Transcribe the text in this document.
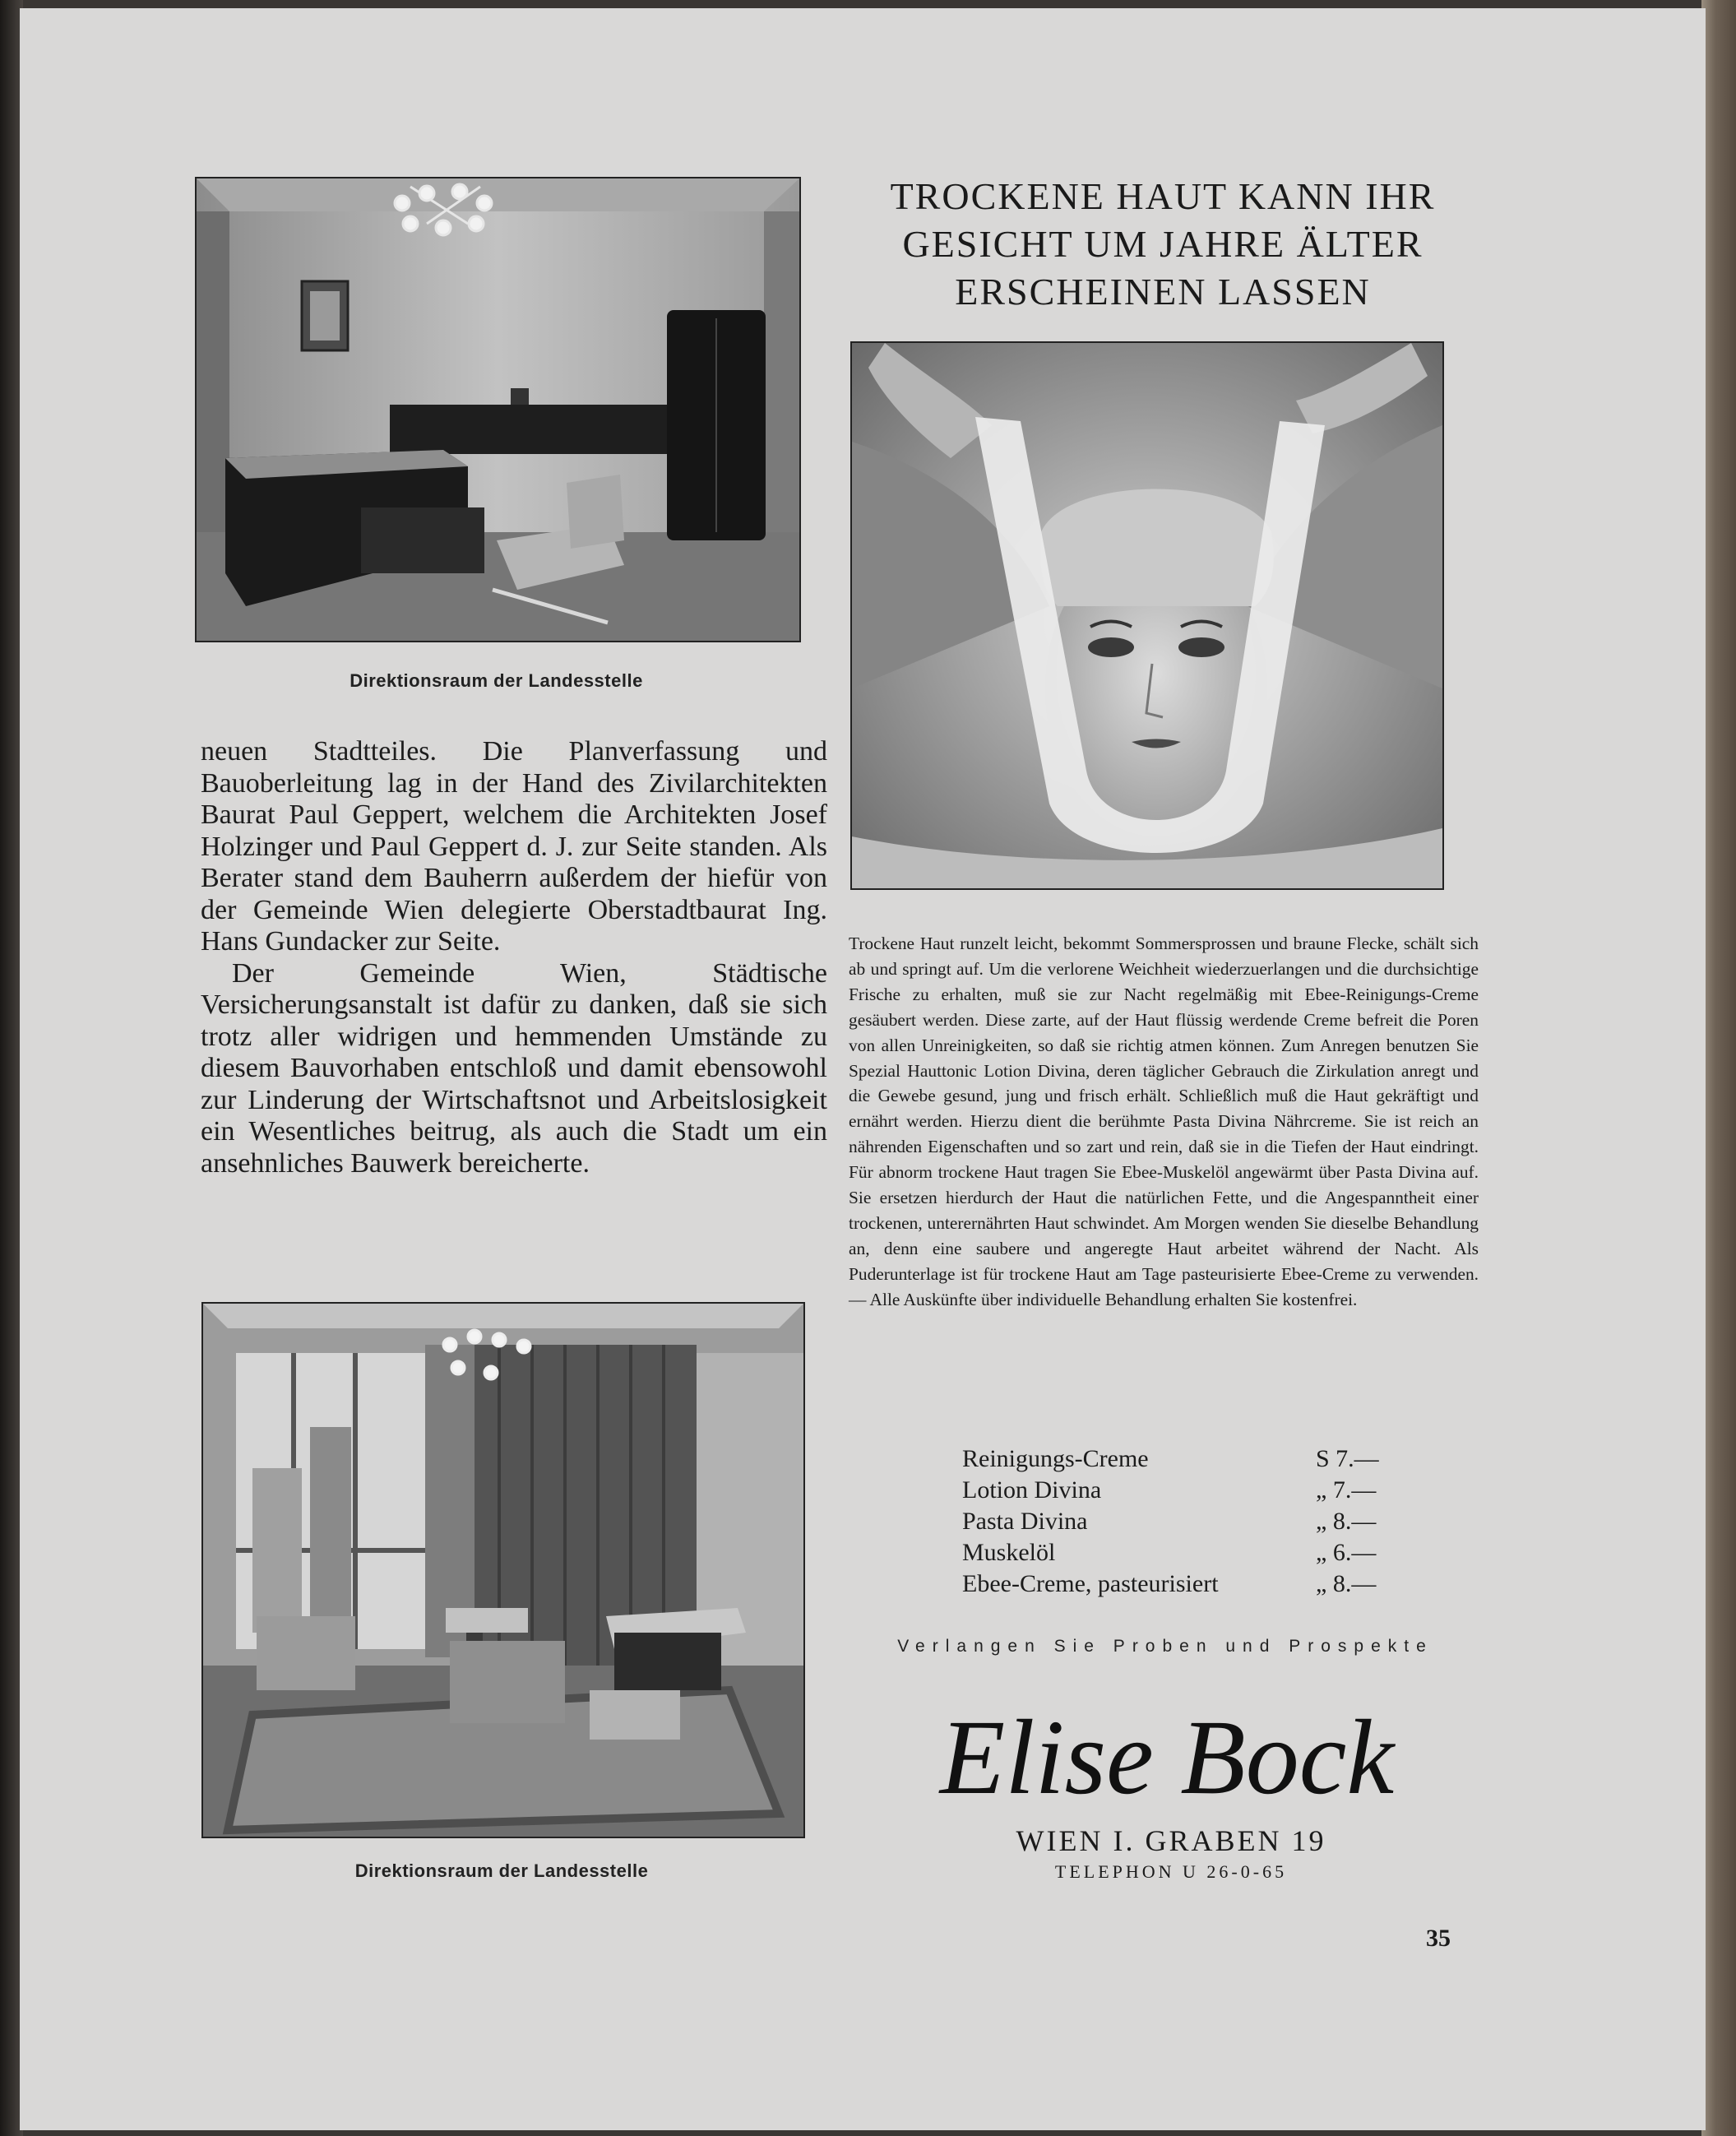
Direktionsraum der Landesstelle

neuen Stadtteiles. Die Planverfassung und Bauoberleitung lag in der Hand des Zivilarchitekten Baurat Paul Geppert, welchem die Architekten Josef Holzinger und Paul Geppert d. J. zur Seite standen. Als Berater stand dem Bauherrn außerdem der hiefür von der Gemeinde Wien delegierte Oberstadtbaurat Ing. Hans Gundacker zur Seite.

Der Gemeinde Wien, Städtische Versicherungsanstalt ist dafür zu danken, daß sie sich trotz aller widrigen und hemmenden Umstände zu diesem Bauvorhaben entschloß und damit ebensowohl zur Linderung der Wirtschaftsnot und Arbeitslosigkeit ein Wesentliches beitrug, als auch die Stadt um ein ansehnliches Bauwerk bereicherte.

Direktionsraum der Landesstelle
TROCKENE HAUT KANN IHR
GESICHT UM JAHRE ÄLTER
ERSCHEINEN LASSEN

Trockene Haut runzelt leicht, bekommt Sommersprossen und braune Flecke, schält sich ab und springt auf. Um die verlorene Weichheit wiederzuerlangen und die durchsichtige Frische zu erhalten, muß sie zur Nacht regelmäßig mit Ebee-Reinigungs-Creme gesäubert werden. Diese zarte, auf der Haut flüssig werdende Creme befreit die Poren von allen Unreinigkeiten, so daß sie richtig atmen können. Zum Anregen benutzen Sie Spezial Hauttonic Lotion Divina, deren täglicher Gebrauch die Zirkulation anregt und die Gewebe gesund, jung und frisch erhält. Schließlich muß die Haut gekräftigt und ernährt werden. Hierzu dient die berühmte Pasta Divina Nährcreme. Sie ist reich an nährenden Eigenschaften und so zart und rein, daß sie in die Tiefen der Haut eindringt. Für abnorm trockene Haut tragen Sie Ebee-Muskelöl angewärmt über Pasta Divina auf. Sie ersetzen hierdurch der Haut die natürlichen Fette, und die Angespanntheit einer trockenen, unterernährten Haut schwindet. Am Morgen wenden Sie dieselbe Behandlung an, denn eine saubere und angeregte Haut arbeitet während der Nacht. Als Puderunterlage ist für trockene Haut am Tage pasteurisierte Ebee-Creme zu verwenden. — Alle Auskünfte über individuelle Behandlung erhalten Sie kostenfrei.

Reinigungs-Creme	S 7.—
Lotion Divina	„ 7.—
Pasta Divina	„ 8.—
Muskelöl	„ 6.—
Ebee-Creme, pasteurisiert	„ 8.—
Verlangen Sie Proben und Prospekte
Elise Bock
WIEN I. GRABEN 19
TELEPHON U 26-0-65
35
